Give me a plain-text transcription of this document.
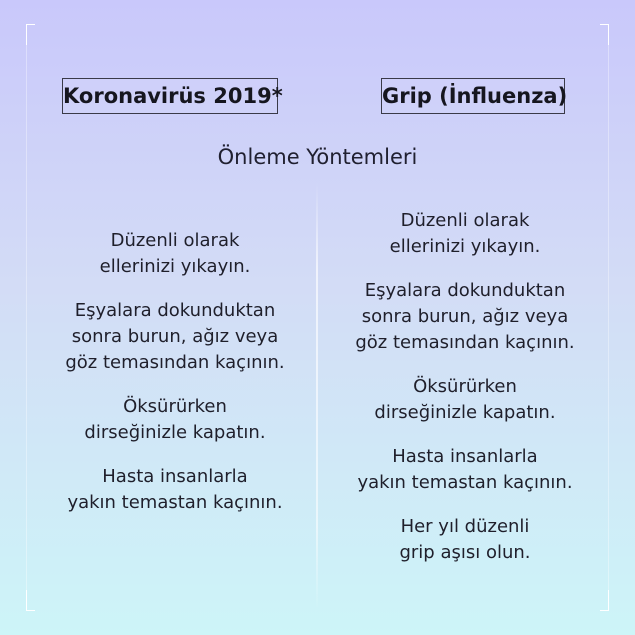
Koronavirüs 2019*	Grip (İnfluenza)
Önleme Yöntemleri
Düzenli olarak
ellerinizi yıkayın.
Eşyalara dokunduktan
sonra burun, ağız veya
göz temasından kaçının.
Öksürürken
dirseğinizle kapatın.
Hasta insanlarla
yakın temastan kaçının.
Düzenli olarak
ellerinizi yıkayın.
Eşyalara dokunduktan
sonra burun, ağız veya
göz temasından kaçının.
Öksürürken
dirseğinizle kapatın.
Hasta insanlarla
yakın temastan kaçının.
Her yıl düzenli
grip aşısı olun.
